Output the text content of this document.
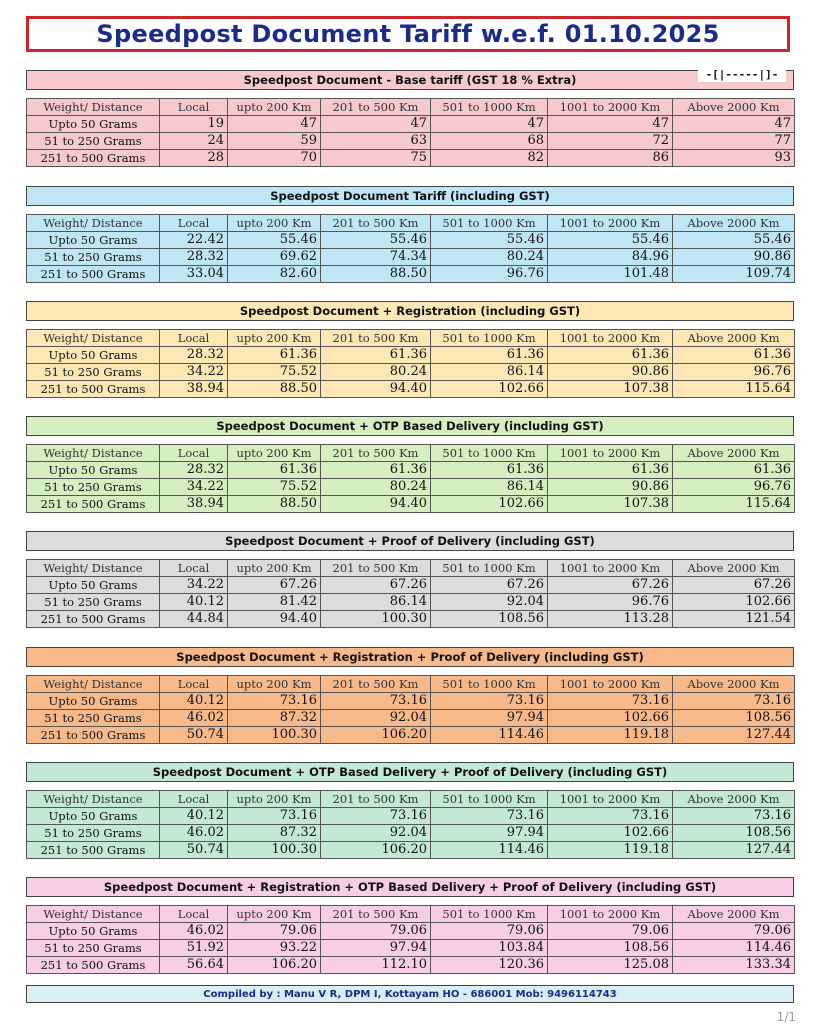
Speedpost Document Tariff w.e.f. 01.10.2025
-[|-----|]-
Speedpost Document - Base tariff (GST 18 % Extra)
Weight/ Distance	Local	upto 200 Km	201 to 500 Km	501 to 1000 Km	1001 to 2000 Km	Above 2000 Km
Upto 50 Grams	19	47	47	47	47	47
51 to 250 Grams	24	59	63	68	72	77
251 to 500 Grams	28	70	75	82	86	93
Speedpost Document Tariff (including GST)
Weight/ Distance	Local	upto 200 Km	201 to 500 Km	501 to 1000 Km	1001 to 2000 Km	Above 2000 Km
Upto 50 Grams	22.42	55.46	55.46	55.46	55.46	55.46
51 to 250 Grams	28.32	69.62	74.34	80.24	84.96	90.86
251 to 500 Grams	33.04	82.60	88.50	96.76	101.48	109.74
Speedpost Document + Registration (including GST)
Weight/ Distance	Local	upto 200 Km	201 to 500 Km	501 to 1000 Km	1001 to 2000 Km	Above 2000 Km
Upto 50 Grams	28.32	61.36	61.36	61.36	61.36	61.36
51 to 250 Grams	34.22	75.52	80.24	86.14	90.86	96.76
251 to 500 Grams	38.94	88.50	94.40	102.66	107.38	115.64
Speedpost Document + OTP Based Delivery (including GST)
Weight/ Distance	Local	upto 200 Km	201 to 500 Km	501 to 1000 Km	1001 to 2000 Km	Above 2000 Km
Upto 50 Grams	28.32	61.36	61.36	61.36	61.36	61.36
51 to 250 Grams	34.22	75.52	80.24	86.14	90.86	96.76
251 to 500 Grams	38.94	88.50	94.40	102.66	107.38	115.64
Speedpost Document + Proof of Delivery (including GST)
Weight/ Distance	Local	upto 200 Km	201 to 500 Km	501 to 1000 Km	1001 to 2000 Km	Above 2000 Km
Upto 50 Grams	34.22	67.26	67.26	67.26	67.26	67.26
51 to 250 Grams	40.12	81.42	86.14	92.04	96.76	102.66
251 to 500 Grams	44.84	94.40	100.30	108.56	113.28	121.54
Speedpost Document + Registration + Proof of Delivery (including GST)
Weight/ Distance	Local	upto 200 Km	201 to 500 Km	501 to 1000 Km	1001 to 2000 Km	Above 2000 Km
Upto 50 Grams	40.12	73.16	73.16	73.16	73.16	73.16
51 to 250 Grams	46.02	87.32	92.04	97.94	102.66	108.56
251 to 500 Grams	50.74	100.30	106.20	114.46	119.18	127.44
Speedpost Document + OTP Based Delivery + Proof of Delivery (including GST)
Weight/ Distance	Local	upto 200 Km	201 to 500 Km	501 to 1000 Km	1001 to 2000 Km	Above 2000 Km
Upto 50 Grams	40.12	73.16	73.16	73.16	73.16	73.16
51 to 250 Grams	46.02	87.32	92.04	97.94	102.66	108.56
251 to 500 Grams	50.74	100.30	106.20	114.46	119.18	127.44
Speedpost Document + Registration + OTP Based Delivery + Proof of Delivery (including GST)
Weight/ Distance	Local	upto 200 Km	201 to 500 Km	501 to 1000 Km	1001 to 2000 Km	Above 2000 Km
Upto 50 Grams	46.02	79.06	79.06	79.06	79.06	79.06
51 to 250 Grams	51.92	93.22	97.94	103.84	108.56	114.46
251 to 500 Grams	56.64	106.20	112.10	120.36	125.08	133.34
Compiled by : Manu V R, DPM I, Kottayam HO - 686001 Mob: 9496114743
1/1
